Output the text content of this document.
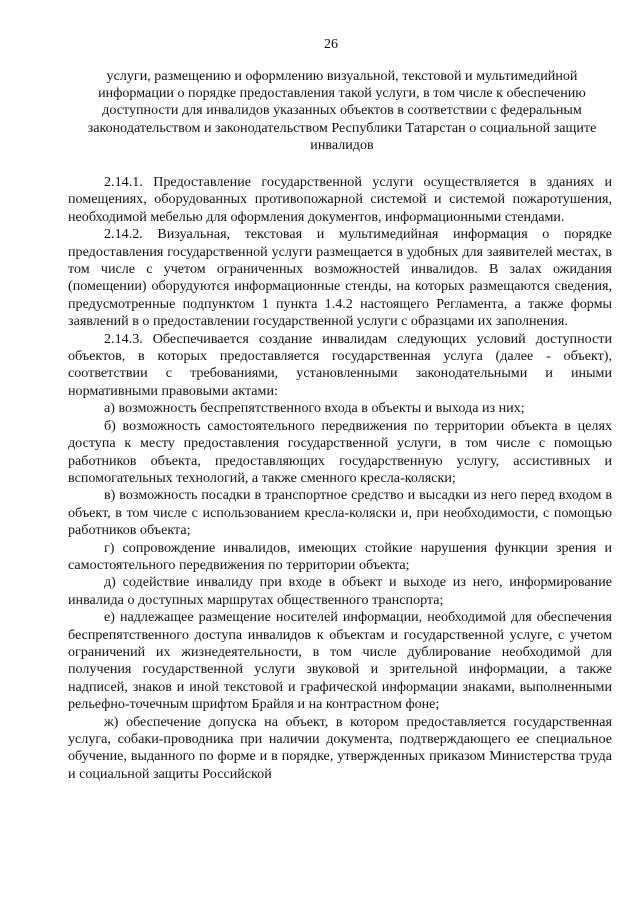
26
услуги, размещению и оформлению визуальной, текстовой и мультимедийной информации о порядке предоставления такой услуги, в том числе к обеспечению доступности для инвалидов указанных объектов в соответствии с федеральным законодательством и законодательством Республики Татарстан о социальной защите инвалидов

2.14.1. Предоставление государственной услуги осуществляется в зданиях и помещениях, оборудованных противопожарной системой и системой пожаротушения, необходимой мебелью для оформления документов, информационными стендами.

2.14.2. Визуальная, текстовая и мультимедийная информация о порядке предоставления государственной услуги размещается в удобных для заявителей местах, в том числе с учетом ограниченных возможностей инвалидов. В залах ожидания (помещении) оборудуются информационные стенды, на которых размещаются сведения, предусмотренные подпунктом 1 пункта 1.4.2 настоящего Регламента, а также формы заявлений в о предоставлении государственной услуги с образцами их заполнения.

2.14.3. Обеспечивается создание инвалидам следующих условий доступности объектов, в которых предоставляется государственная услуга (далее - объект), соответствии с требованиями, установленными законодательными и иными нормативными правовыми актами:

а) возможность беспрепятственного входа в объекты и выхода из них;

б) возможность самостоятельного передвижения по территории объекта в целях доступа к месту предоставления государственной услуги, в том числе с помощью работников объекта, предоставляющих государственную услугу, ассистивных и вспомогательных технологий, а также сменного кресла-коляски;

в) возможность посадки в транспортное средство и высадки из него перед входом в объект, в том числе с использованием кресла-коляски и, при необходимости, с помощью работников объекта;

г) сопровождение инвалидов, имеющих стойкие нарушения функции зрения и самостоятельного передвижения по территории объекта;

д) содействие инвалиду при входе в объект и выходе из него, информирование инвалида о доступных маршрутах общественного транспорта;

е) надлежащее размещение носителей информации, необходимой для обеспечения беспрепятственного доступа инвалидов к объектам и государственной услуге, с учетом ограничений их жизнедеятельности, в том числе дублирование необходимой для получения государственной услуги звуковой и зрительной информации, а также надписей, знаков и иной текстовой и графической информации знаками, выполненными рельефно-точечным шрифтом Брайля и на контрастном фоне;

ж) обеспечение допуска на объект, в котором предоставляется государственная услуга, собаки-проводника при наличии документа, подтверждающего ее специальное обучение, выданного по форме и в порядке, утвержденных приказом Министерства труда и социальной защиты Российской
